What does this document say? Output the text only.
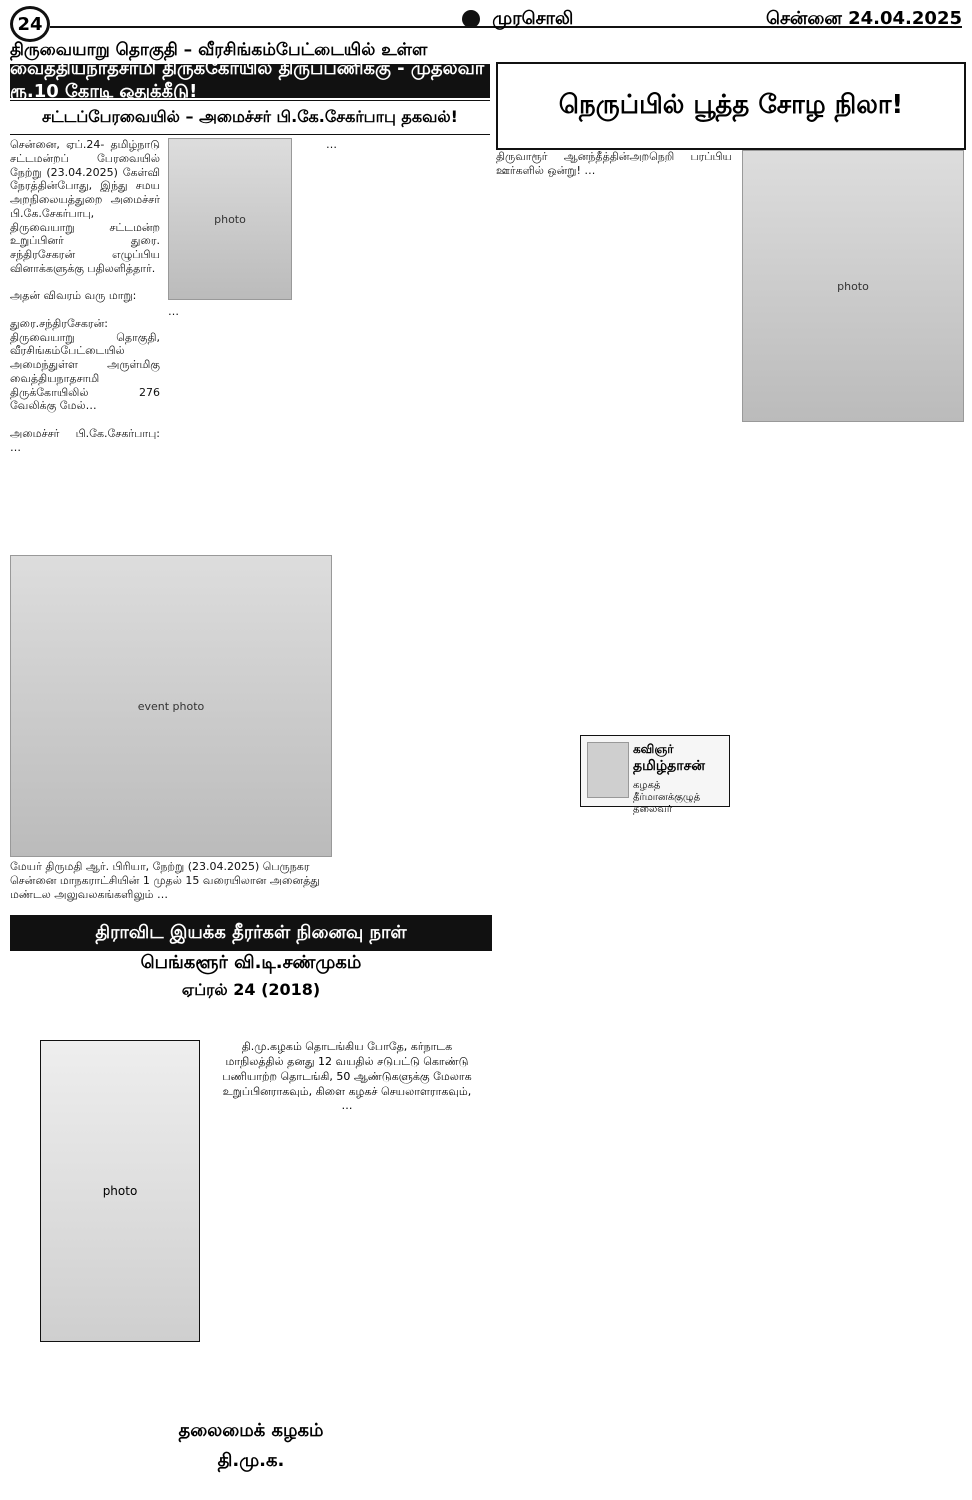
24	முரசொலி	சென்னை 24.04.2025
திருவையாறு தொகுதி – வீரசிங்கம்பேட்டையில் உள்ள
வைத்தியநாதசாமி திருக்கோயில் திருப்பணிக்கு - முதல்வர் ரூ.10 கோடி ஒதுக்கீடு!
சட்டப்பேரவையில் – அமைச்சர் பி.கே.சேகர்பாபு தகவல்!
photo
சென்னை, ஏப்.24- தமிழ்நாடு சட்டமன்றப் பேரவையில் நேற்று (23.04.2025) கேள்வி நேரத்தின்போது, இந்து சமய அறநிலையத்துறை அமைச்சர் பி.கே.சேகர்பாபு, திருவையாறு சட்டமன்ற உறுப்பினர் துரை. சந்திரசேகரன் எழுப்பிய வினாக்களுக்கு பதிலளித்தார்.

அதன் விவரம் வரு மாறு:

துரை.சந்திரசேகரன்: திருவையாறு தொகுதி, வீரசிங்கம்பேட்டையில் அமைந்துள்ள அருள்மிகு வைத்தியநாதசாமி திருக்கோயிலில் 276 வேலிக்கு மேல்…

அமைச்சர் பி.கே.சேகர்பாபு: …
…
…
event photo
மேயர் திருமதி ஆர். பிரியா, நேற்று (23.04.2025) பெருநகர சென்னை மாநகராட்சியின் 1 முதல் 15 வரையிலான அனைத்து மண்டல அலுவலகங்களிலும் …
திராவிட இயக்க தீரர்கள் நினைவு நாள்
பெங்களூர் வி.டி.சண்முகம்
ஏப்ரல் 24 (2018)
photo
தி.மு.கழகம் தொடங்கிய போதே, கர்நாடக மாநிலத்தில் தனது 12 வயதில் சடுபட்டு கொண்டு பணியாற்ற தொடங்கி, 50 ஆண்டுகளுக்கு மேலாக உறுப்பினராகவும், கிளை கழகச் செயலாளராகவும், …
தலைமைக் கழகம்
தி.மு.க.
நெருப்பில் பூத்த சோழ நிலா!
photo
திருவாரூர் ஆனந்தீத்தின்அறநெறி பரப்பிய ஊர்களில் ஒன்று! …
கவிஞர்
தமிழ்தாசன்
கழகத் தீர்மானக்குழுத் தலைவர்
